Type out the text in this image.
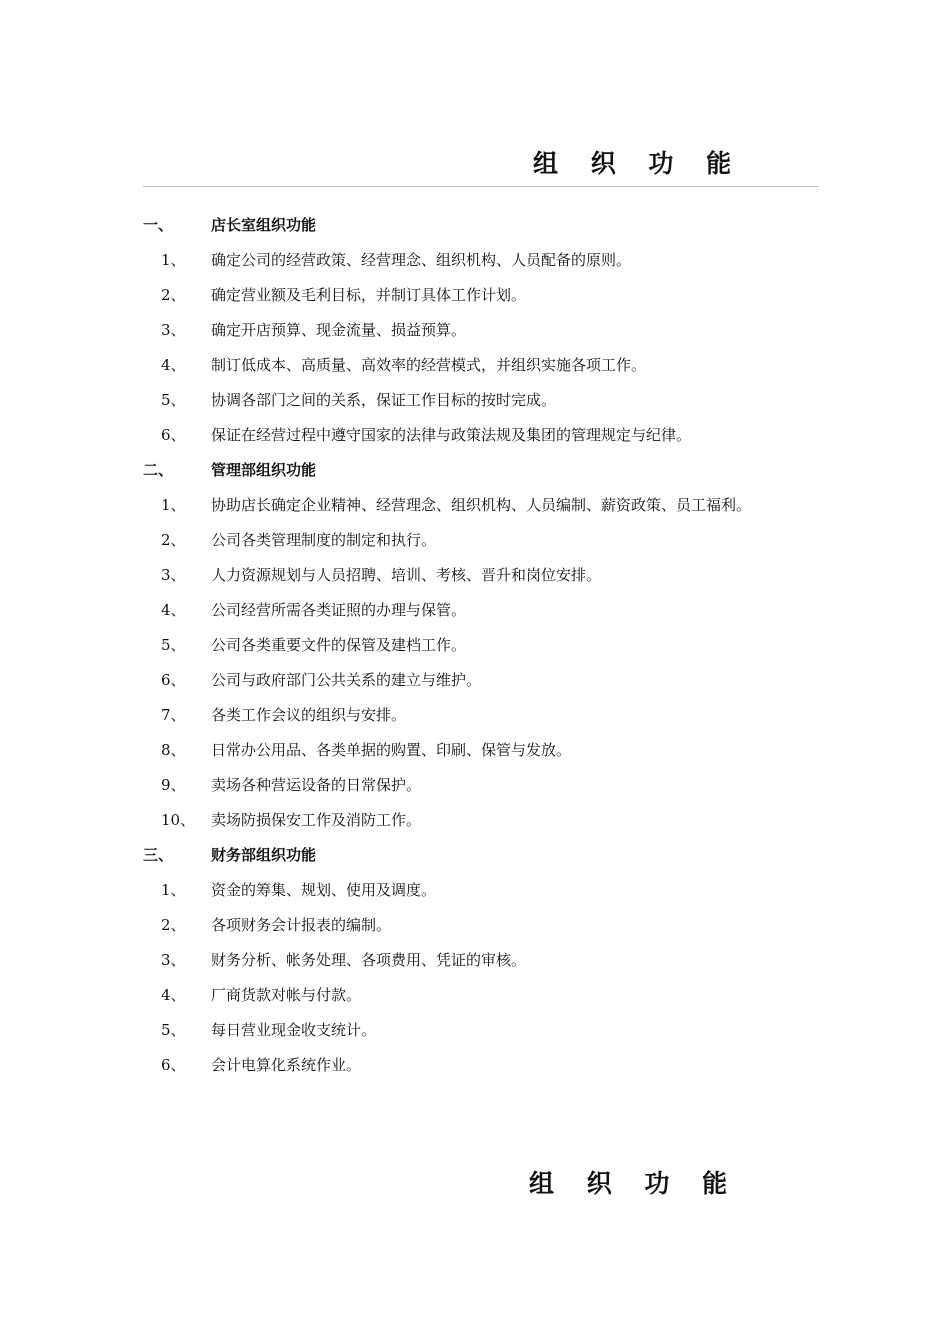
组 织 功 能
一、	店长室组织功能
1、 确定公司的经营政策、经营理念、组织机构、人员配备的原则。
2、 确定营业额及毛利目标，并制订具体工作计划。
3、 确定开店预算、现金流量、损益预算。
4、 制订低成本、高质量、高效率的经营模式，并组织实施各项工作。
5、 协调各部门之间的关系，保证工作目标的按时完成。
6、 保证在经营过程中遵守国家的法律与政策法规及集团的管理规定与纪律。
二、	管理部组织功能
1、 协助店长确定企业精神、经营理念、组织机构、人员编制、薪资政策、员工福利。
2、 公司各类管理制度的制定和执行。
3、 人力资源规划与人员招聘、培训、考核、晋升和岗位安排。
4、 公司经营所需各类证照的办理与保管。
5、 公司各类重要文件的保管及建档工作。
6、 公司与政府部门公共关系的建立与维护。
7、 各类工作会议的组织与安排。
8、 日常办公用品、各类单据的购置、印刷、保管与发放。
9、 卖场各种营运设备的日常保护。
10、 卖场防损保安工作及消防工作。
三、	财务部组织功能
1、 资金的筹集、规划、使用及调度。
2、 各项财务会计报表的编制。
3、 财务分析、帐务处理、各项费用、凭证的审核。
4、 厂商货款对帐与付款。
5、 每日营业现金收支统计。
6、 会计电算化系统作业。
组 织 功 能
